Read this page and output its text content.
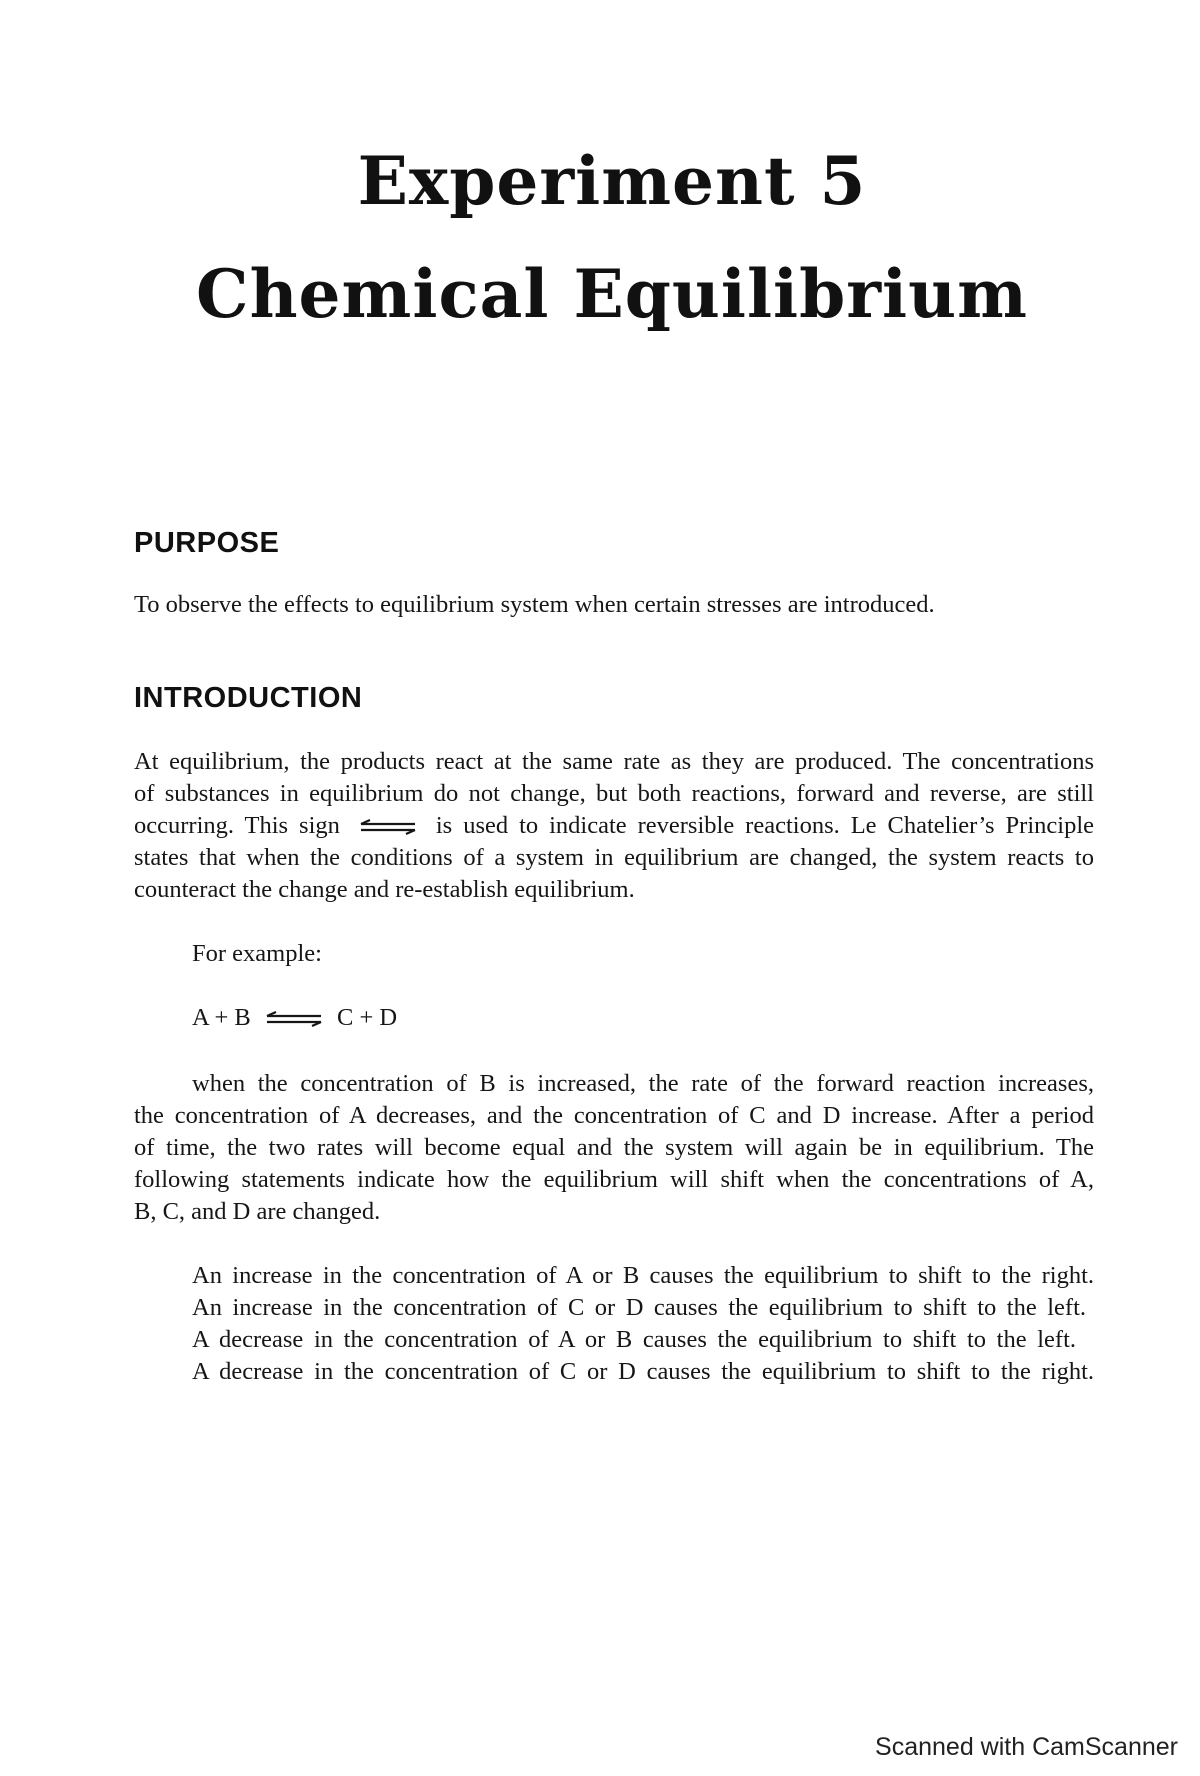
Experiment 5
Chemical Equilibrium
PURPOSE
To observe the effects to equilibrium system when certain stresses are introduced.
INTRODUCTION
At equilibrium, the products react at the same rate as they are produced. The concentrations
of substances in equilibrium do not change, but both reactions, forward and reverse, are still
occurring. This sign ⇌ is used to indicate reversible reactions. Le Chatelier’s Principle
states that when the conditions of a system in equilibrium are changed, the system reacts to
counteract the change and re-establish equilibrium.
For example:
A + B ⇌ C + D
when the concentration of B is increased, the rate of the forward reaction increases,
the concentration of A decreases, and the concentration of C and D increase. After a period
of time, the two rates will become equal and the system will again be in equilibrium. The
following statements indicate how the equilibrium will shift when the concentrations of A,
B, C, and D are changed.
An increase in the concentration of A or B causes the equilibrium to shift to the right.
An increase in the concentration of C or D causes the equilibrium to shift to the left.
A decrease in the concentration of A or B causes the equilibrium to shift to the left.
A decrease in the concentration of C or D causes the equilibrium to shift to the right.
Scanned with CamScanner
